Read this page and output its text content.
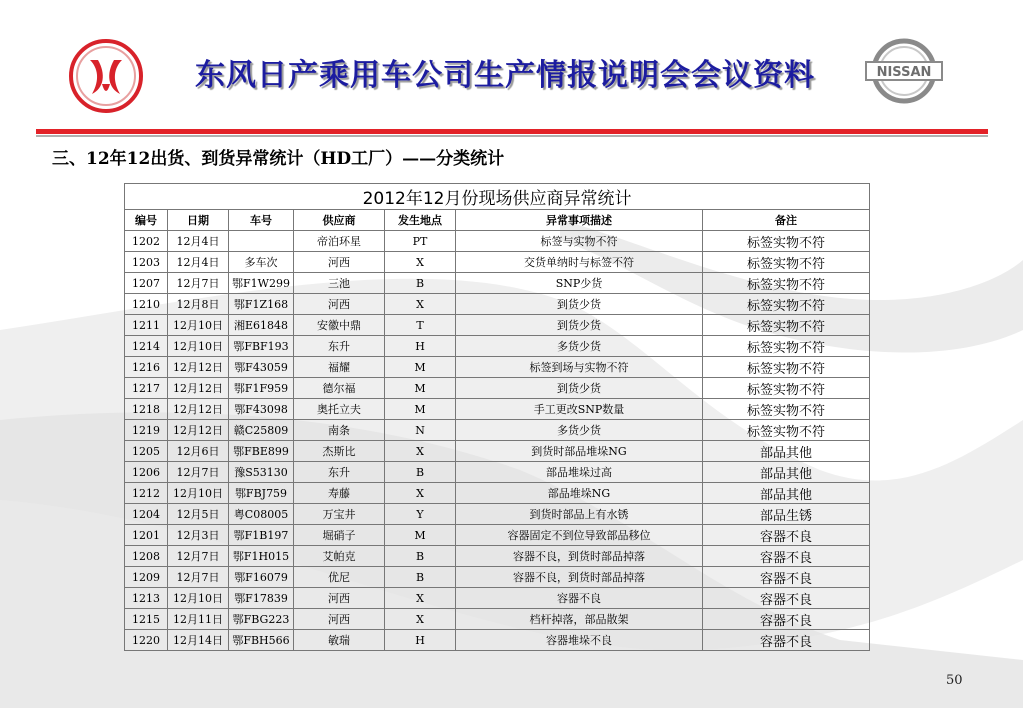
东风日产乘用车公司生产情报说明会会议资料	NISSAN
三、12年12出货、到货异常统计（HD工厂）——分类统计
2012年12月份现场供应商异常统计						
编号	日期	车号	供应商	发生地点	异常事项描述	备注
1202	12月4日		帝泊环星	PT	标签与实物不符	标签实物不符
1203	12月4日	多车次	河西	X	交货单纳时与标签不符	标签实物不符
1207	12月7日	鄂F1W299	三池	B	SNP少货	标签实物不符
1210	12月8日	鄂F1Z168	河西	X	到货少货	标签实物不符
1211	12月10日	湘E61848	安徽中鼎	T	到货少货	标签实物不符
1214	12月10日	鄂FBF193	东升	H	多货少货	标签实物不符
1216	12月12日	鄂F43059	福耀	M	标签到场与实物不符	标签实物不符
1217	12月12日	鄂F1F959	德尔福	M	到货少货	标签实物不符
1218	12月12日	鄂F43098	奥托立夫	M	手工更改SNP数量	标签实物不符
1219	12月12日	赣C25809	南条	N	多货少货	标签实物不符
1205	12月6日	鄂FBE899	杰斯比	X	到货时部品堆垛NG	部品其他
1206	12月7日	豫S53130	东升	B	部品堆垛过高	部品其他
1212	12月10日	鄂FBJ759	寿藤	X	部品堆垛NG	部品其他
1204	12月5日	粤C08005	万宝井	Y	到货时部品上有水锈	部品生锈
1201	12月3日	鄂F1B197	堀硝子	M	容器固定不到位导致部品移位	容器不良
1208	12月7日	鄂F1H015	艾帕克	B	容器不良，到货时部品掉落	容器不良
1209	12月7日	鄂F16079	优尼	B	容器不良，到货时部品掉落	容器不良
1213	12月10日	鄂F17839	河西	X	容器不良	容器不良
1215	12月11日	鄂FBG223	河西	X	档杆掉落，部品散架	容器不良
1220	12月14日	鄂FBH566	敏瑞	H	容器堆垛不良	容器不良
50
